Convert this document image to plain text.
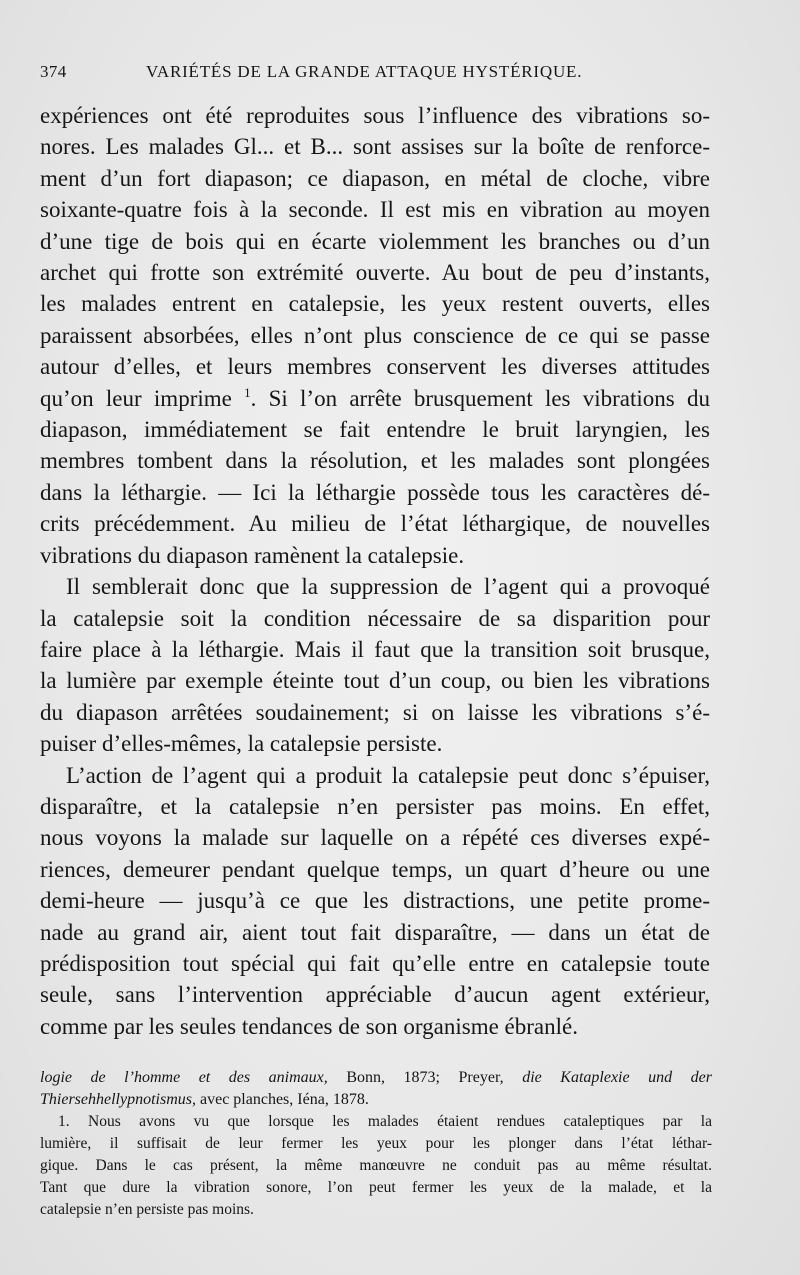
374	VARIÉTÉS DE LA GRANDE ATTAQUE HYSTÉRIQUE.
expériences ont été reproduites sous l’influence des vibrations so-
nores. Les malades Gl... et B... sont assises sur la boîte de renforce-
ment d’un fort diapason; ce diapason, en métal de cloche, vibre
soixante-quatre fois à la seconde. Il est mis en vibration au moyen
d’une tige de bois qui en écarte violemment les branches ou d’un
archet qui frotte son extrémité ouverte. Au bout de peu d’instants,
les malades entrent en catalepsie, les yeux restent ouverts, elles
paraissent absorbées, elles n’ont plus conscience de ce qui se passe
autour d’elles, et leurs membres conservent les diverses attitudes
qu’on leur imprime $^1$. Si l’on arrête brusquement les vibrations du
diapason, immédiatement se fait entendre le bruit laryngien, les
membres tombent dans la résolution, et les malades sont plongées
dans la léthargie. — Ici la léthargie possède tous les caractères dé-
crits précédemment. Au milieu de l’état léthargique, de nouvelles
vibrations du diapason ramènent la catalepsie.
Il semblerait donc que la suppression de l’agent qui a provoqué
la catalepsie soit la condition nécessaire de sa disparition pour
faire place à la léthargie. Mais il faut que la transition soit brusque,
la lumière par exemple éteinte tout d’un coup, ou bien les vibrations
du diapason arrêtées soudainement; si on laisse les vibrations s’é-
puiser d’elles-mêmes, la catalepsie persiste.
L’action de l’agent qui a produit la catalepsie peut donc s’épuiser,
disparaître, et la catalepsie n’en persister pas moins. En effet,
nous voyons la malade sur laquelle on a répété ces diverses expé-
riences, demeurer pendant quelque temps, un quart d’heure ou une
demi-heure — jusqu’à ce que les distractions, une petite prome-
nade au grand air, aient tout fait disparaître, — dans un état de
prédisposition tout spécial qui fait qu’elle entre en catalepsie toute
seule, sans l’intervention appréciable d’aucun agent extérieur,
comme par les seules tendances de son organisme ébranlé.
logie de l’homme et des animaux, Bonn, 1873; Preyer, die Kataplexie und der
Thiersehhellypnotismus, avec planches, Iéna, 1878.
1. Nous avons vu que lorsque les malades étaient rendues cataleptiques par la
lumière, il suffisait de leur fermer les yeux pour les plonger dans l’état léthar-
gique. Dans le cas présent, la même manœuvre ne conduit pas au même résultat.
Tant que dure la vibration sonore, l’on peut fermer les yeux de la malade, et la
catalepsie n’en persiste pas moins.
